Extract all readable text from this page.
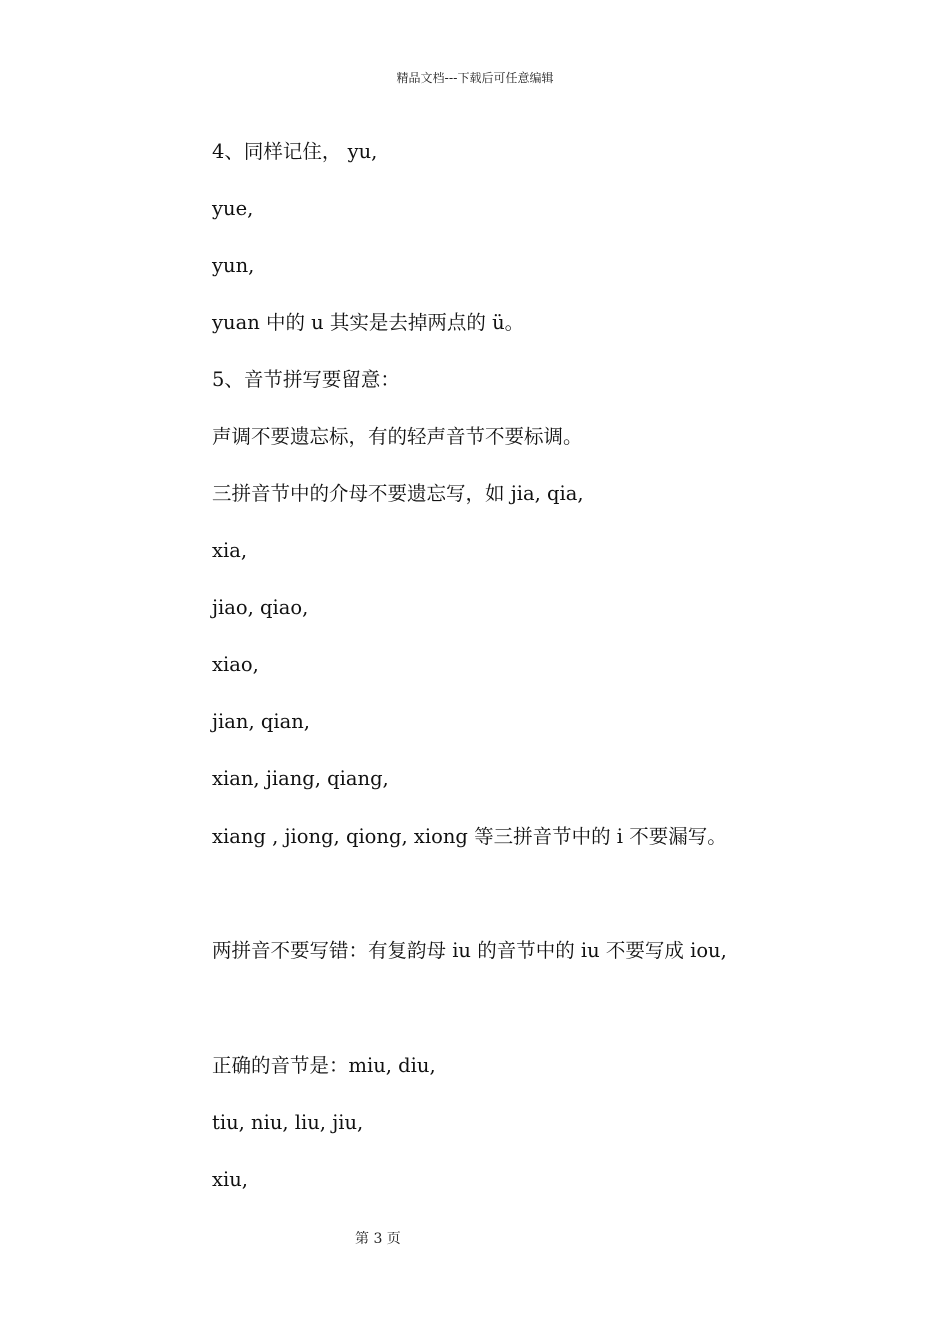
精品文档---下载后可任意编辑
4、同样记住， yu,
yue,
yun,
yuan 中的 u 其实是去掉两点的 ü。
5、音节拼写要留意：
声调不要遗忘标，有的轻声音节不要标调。
三拼音节中的介母不要遗忘写，如 jia, qia,
xia,
jiao, qiao,
xiao,
jian, qian,
xian, jiang, qiang,
xiang , jiong, qiong, xiong 等三拼音节中的 i 不要漏写。
两拼音不要写错：有复韵母 iu 的音节中的 iu 不要写成 iou,
正确的音节是：miu, diu,
tiu, niu, liu, jiu,
xiu,
第 3 页
